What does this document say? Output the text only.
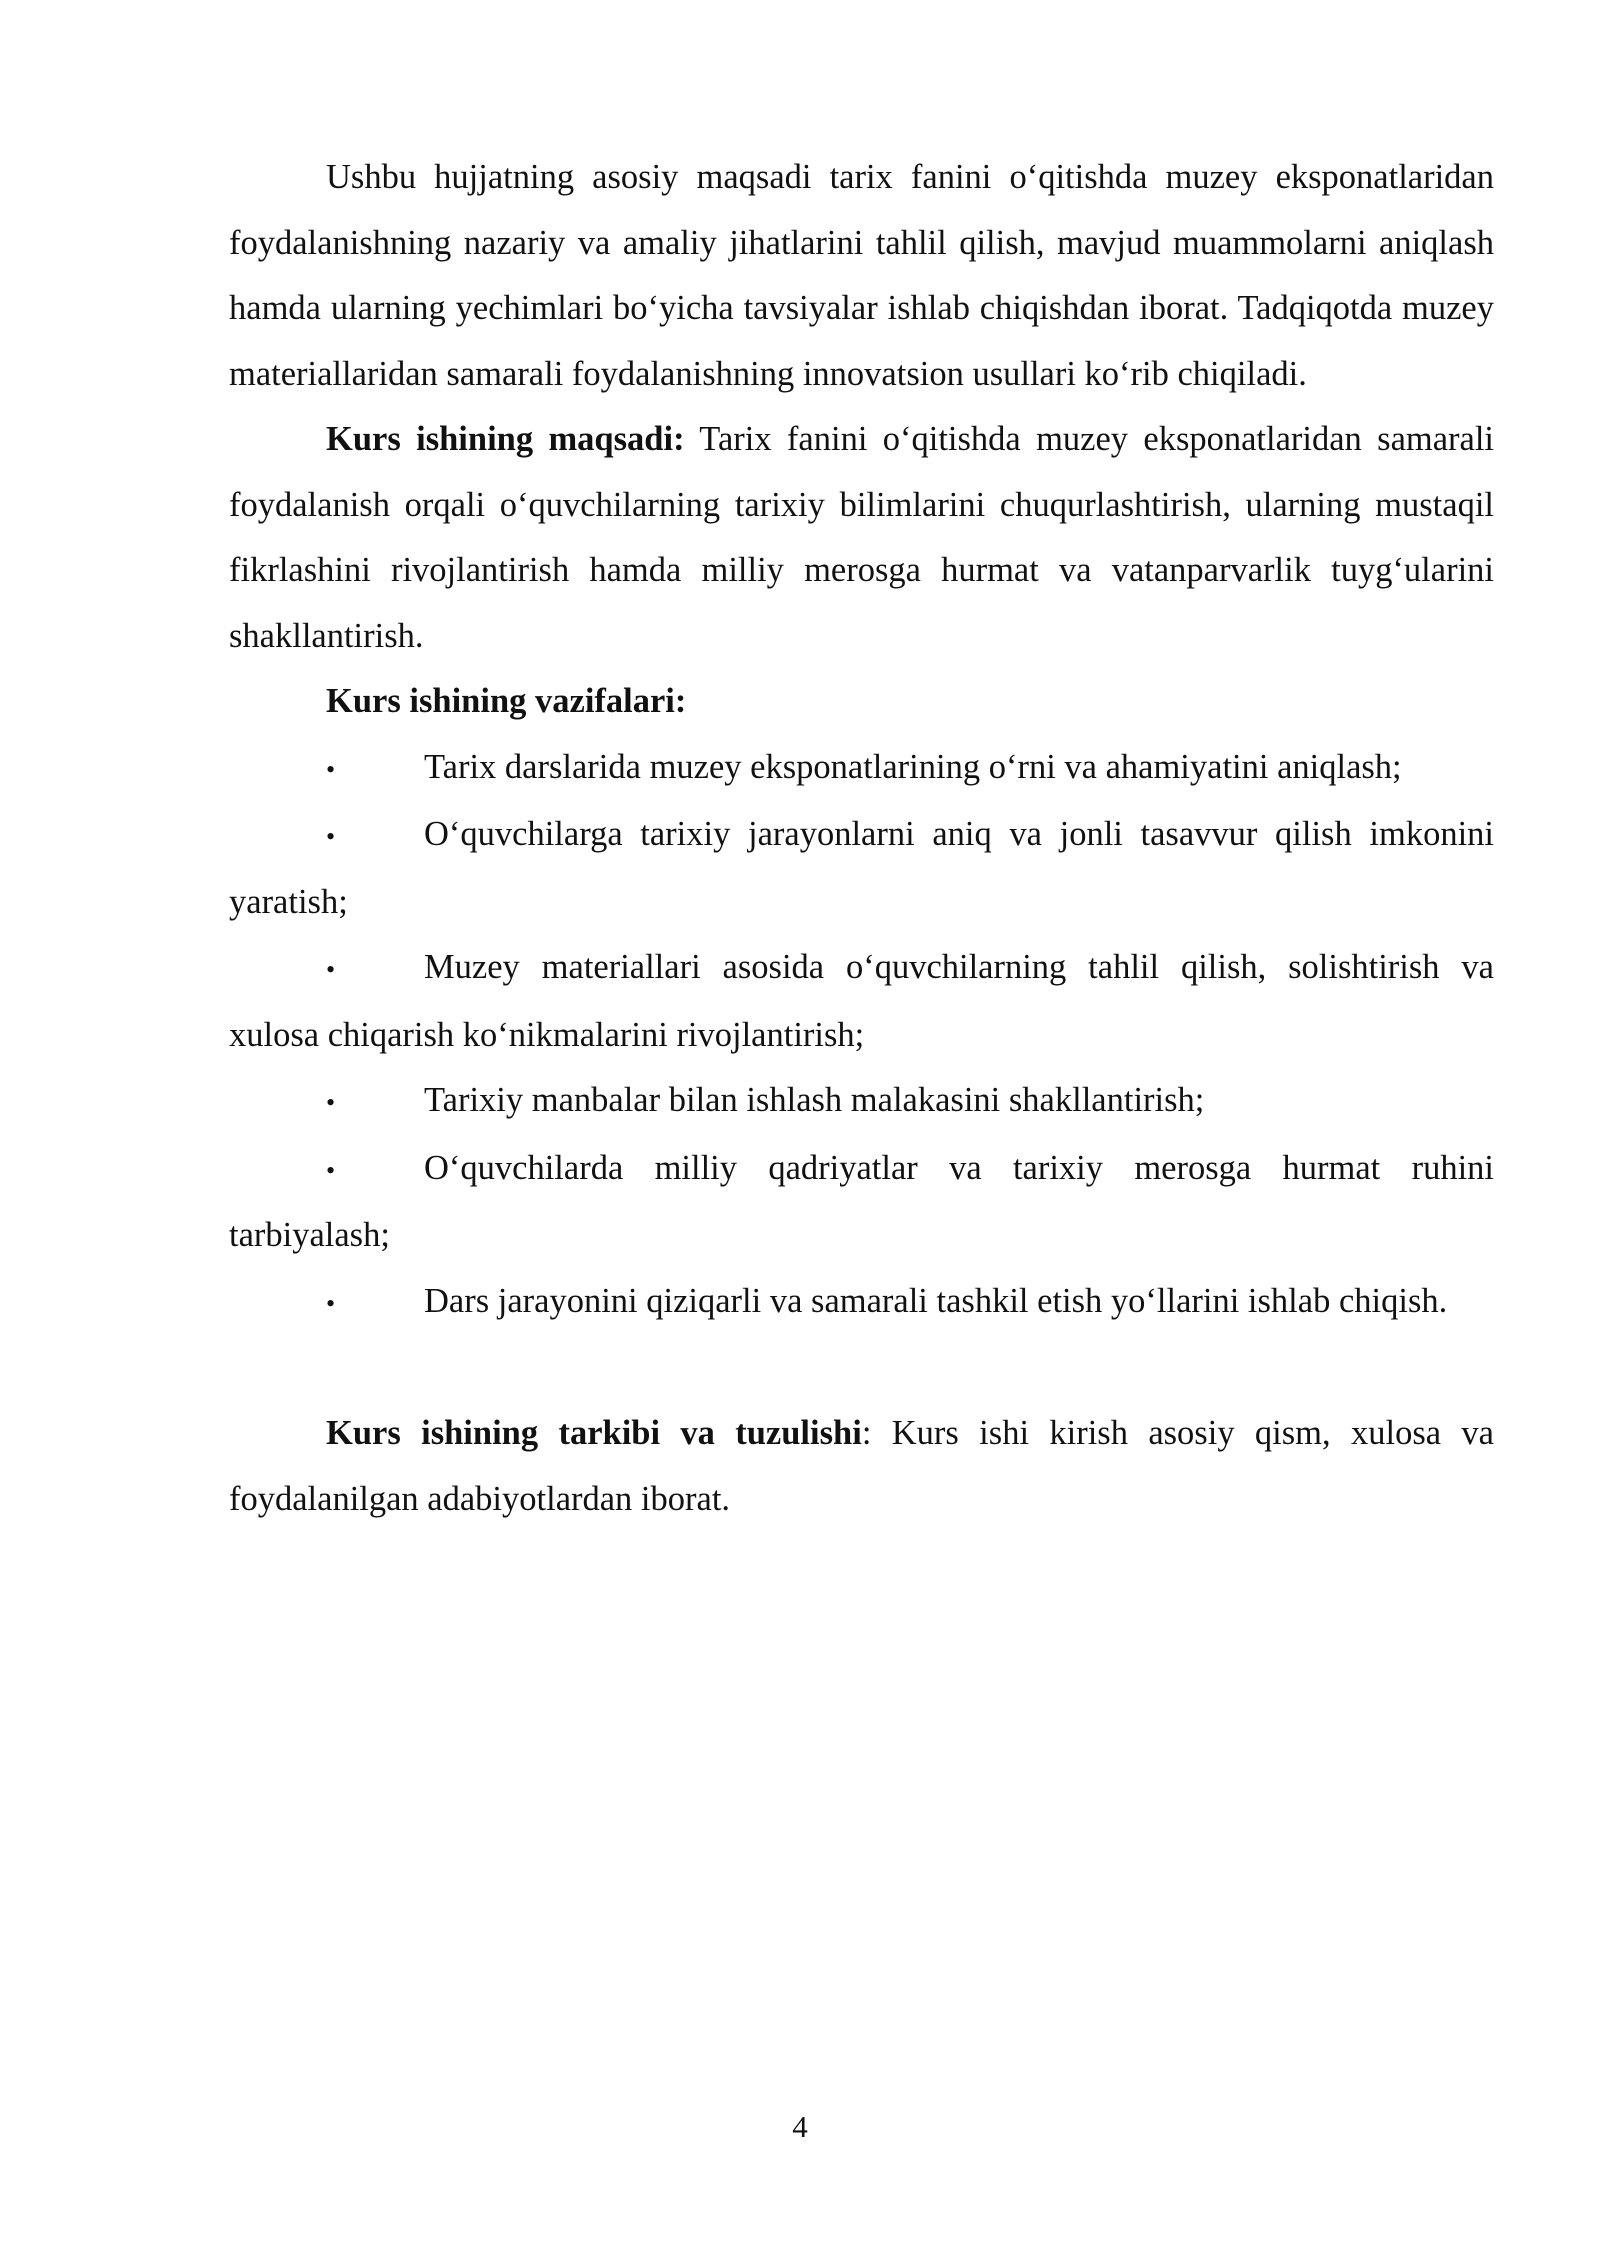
Ushbu hujjatning asosiy maqsadi tarix fanini o‘qitishda muzey eksponatlaridan foydalanishning nazariy va amaliy jihatlarini tahlil qilish, mavjud muammolarni aniqlash hamda ularning yechimlari bo‘yicha tavsiyalar ishlab chiqishdan iborat. Tadqiqotda muzey materiallaridan samarali foydalanishning innovatsion usullari ko‘rib chiqiladi.

Kurs ishining maqsadi: Tarix fanini o‘qitishda muzey eksponatlaridan samarali foydalanish orqali o‘quvchilarning tarixiy bilimlarini chuqurlashtirish, ularning mustaqil fikrlashini rivojlantirish hamda milliy merosga hurmat va vatanparvarlik tuyg‘ularini shakllantirish.

Kurs ishining vazifalari:

•	Tarix darslarida muzey eksponatlarining o‘rni va ahamiyatini aniqlash;

•	O‘quvchilarga tarixiy jarayonlarni aniq va jonli tasavvur qilish imkonini yaratish;

•	Muzey materiallari asosida o‘quvchilarning tahlil qilish, solishtirish va xulosa chiqarish ko‘nikmalarini rivojlantirish;

•	Tarixiy manbalar bilan ishlash malakasini shakllantirish;

•	O‘quvchilarda milliy qadriyatlar va tarixiy merosga hurmat ruhini tarbiyalash;

•	Dars jarayonini qiziqarli va samarali tashkil etish yo‘llarini ishlab chiqish.

Kurs ishining tarkibi va tuzulishi: Kurs ishi kirish asosiy qism, xulosa va foydalanilgan adabiyotlardan iborat.

4
